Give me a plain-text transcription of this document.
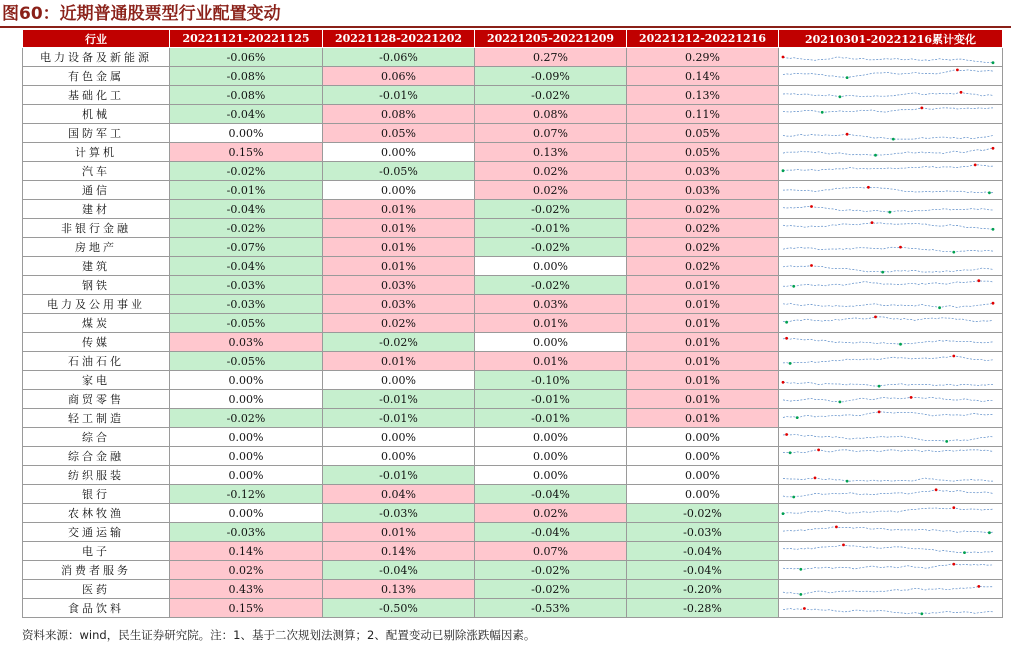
图60：近期普通股票型行业配置变动
行业	20221121-20221125	20221128-20221202	20221205-20221209	20221212-20221216	20210301-20221216累计变化
电力设备及新能源	-0.06%	-0.06%	0.27%	0.29%	

有色金属	-0.08%	0.06%	-0.09%	0.14%	

基础化工	-0.08%	-0.01%	-0.02%	0.13%	

机械	-0.04%	0.08%	0.08%	0.11%	

国防军工	0.00%	0.05%	0.07%	0.05%	

计算机	0.15%	0.00%	0.13%	0.05%	

汽车	-0.02%	-0.05%	0.02%	0.03%	

通信	-0.01%	0.00%	0.02%	0.03%	

建材	-0.04%	0.01%	-0.02%	0.02%	

非银行金融	-0.02%	0.01%	-0.01%	0.02%	

房地产	-0.07%	0.01%	-0.02%	0.02%	

建筑	-0.04%	0.01%	0.00%	0.02%	

钢铁	-0.03%	0.03%	-0.02%	0.01%	

电力及公用事业	-0.03%	0.03%	0.03%	0.01%	

煤炭	-0.05%	0.02%	0.01%	0.01%	

传媒	0.03%	-0.02%	0.00%	0.01%	

石油石化	-0.05%	0.01%	0.01%	0.01%	

家电	0.00%	0.00%	-0.10%	0.01%	

商贸零售	0.00%	-0.01%	-0.01%	0.01%	

轻工制造	-0.02%	-0.01%	-0.01%	0.01%	

综合	0.00%	0.00%	0.00%	0.00%	

综合金融	0.00%	0.00%	0.00%	0.00%	

纺织服装	0.00%	-0.01%	0.00%	0.00%	

银行	-0.12%	0.04%	-0.04%	0.00%	

农林牧渔	0.00%	-0.03%	0.02%	-0.02%	

交通运输	-0.03%	0.01%	-0.04%	-0.03%	

电子	0.14%	0.14%	0.07%	-0.04%	

消费者服务	0.02%	-0.04%	-0.02%	-0.04%	

医药	0.43%	0.13%	-0.02%	-0.20%	

食品饮料	0.15%	-0.50%	-0.53%	-0.28%	
资料来源：wind，民生证券研究院。注：1、基于二次规划法测算；2、配置变动已剔除涨跌幅因素。
